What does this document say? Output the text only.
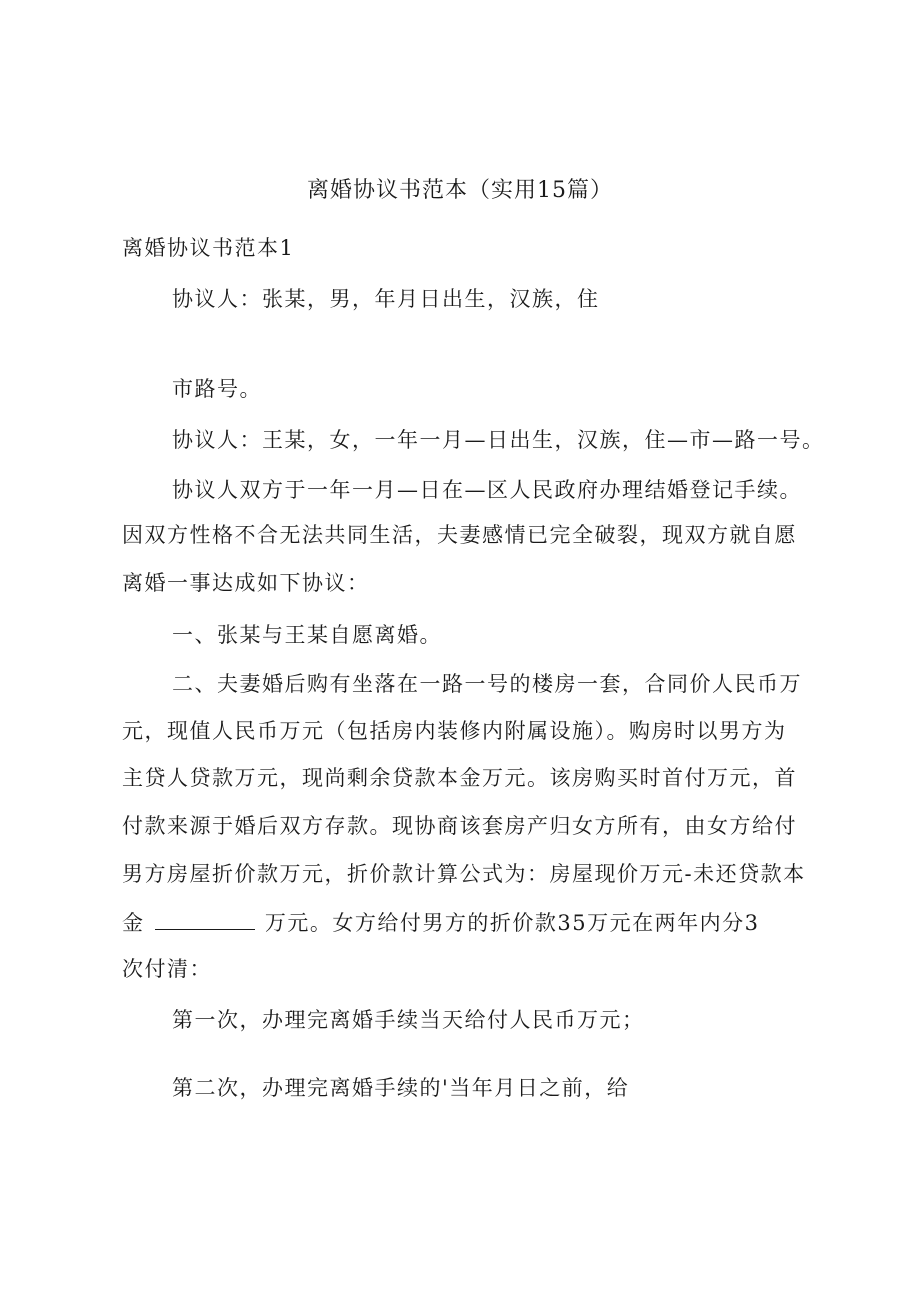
离婚协议书范本（实用15篇）
离婚协议书范本1
协议人：张某，男，年月日出生，汉族，住
市路号。
协议人：王某，女，一年一月—日出生，汉族，住—市—路一号。
协议人双方于一年一月—日在—区人民政府办理结婚登记手续。
因双方性格不合无法共同生活，夫妻感情已完全破裂，现双方就自愿
离婚一事达成如下协议：
一、张某与王某自愿离婚。
二、夫妻婚后购有坐落在一路一号的楼房一套，合同价人民币万
元，现值人民币万元（包括房内装修内附属设施）。购房时以男方为
主贷人贷款万元，现尚剩余贷款本金万元。该房购买时首付万元，首
付款来源于婚后双方存款。现协商该套房产归女方所有，由女方给付
男方房屋折价款万元，折价款计算公式为：房屋现价万元-未还贷款本
金	万元。女方给付男方的折价款35万元在两年内分3
次付清：
第一次，办理完离婚手续当天给付人民币万元；
第二次，办理完离婚手续的'当年月日之前，给
